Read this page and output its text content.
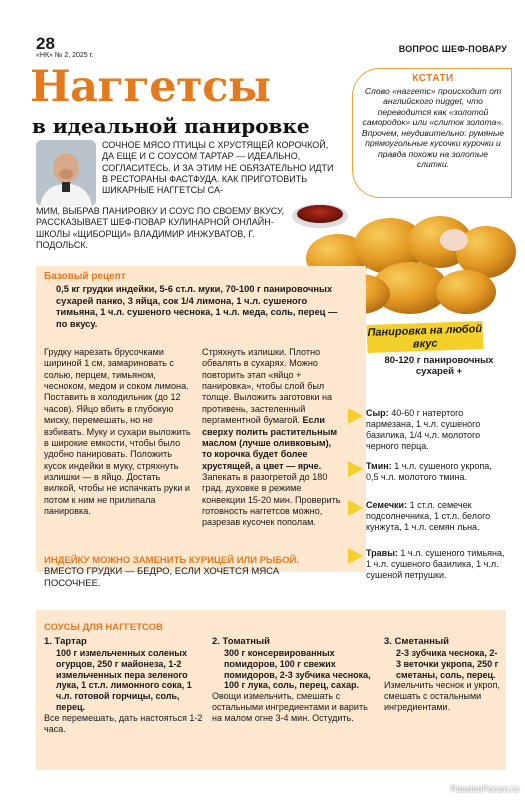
28
«НК» № 2, 2025 г.
ВОПРОС ШЕФ-ПОВАРУ
Наггетсы
в идеальной панировке
КСТАТИ
Слово «наггетс» происходит от английского nugget, что переводится как «золотой самородок» или «слиток золота». Впрочем, неудивительно: румяные прямоугольные кусочки курочки и правда похожи на золотые слитки.
СОЧНОЕ МЯСО ПТИЦЫ С ХРУСТЯЩЕЙ КОРОЧКОЙ, ДА ЕЩЕ И С СОУСОМ ТАРТАР — ИДЕАЛЬНО, СОГЛАСИТЕСЬ. И ЗА ЭТИМ НЕ ОБЯЗАТЕЛЬНО ИДТИ В РЕСТОРАНЫ ФАСТФУДА. КАК ПРИГОТОВИТЬ ШИКАРНЫЕ НАГГЕТСЫ СА-
МИМ, ВЫБРАВ ПАНИРОВКУ И СОУС ПО СВОЕМУ ВКУСУ, РАССКАЗЫВАЕТ ШЕФ-ПОВАР КУЛИНАРНОЙ ОНЛАЙН-ШКОЛЫ «ЩИБОРЩИ» ВЛАДИМИР ИНЖУВАТОВ, Г. ПОДОЛЬСК.
Базовый рецепт
0,5 кг грудки индейки, 5-6 ст.л. муки, 70-100 г панировочных сухарей панко, 3 яйца, сок 1/4 лимона, 1 ч.л. сушеного тимьяна, 1 ч.л. сушеного чеснока, 1 ч.л. меда, соль, перец — по вкусу.
Грудку нарезать брусочками шириной 1 см, замариновать с солью, перцем, тимьяном, чесноком, медом и соком лимона. Поставить в холодильник (до 12 часов). Яйцо вбить в глубокую миску, перемешать, но не взбивать. Муку и сухари выложить в широкие емкости, чтобы было удобно панировать. Положить кусок индейки в муку, стряхнуть излишки — в яйцо. Достать вилкой, чтобы не испачкать руки и потом к ним не прилипала панировка.
Стряхнуть излишки. Плотно обвалять в сухарях. Можно повторить этап «яйцо + панировка», чтобы слой был толще. Выложить заготовки на противень, застеленный пергаментной бумагой. Если сверху полить растительным маслом (лучше оливковым), то корочка будет более хрустящей, а цвет — ярче. Запекать в разогретой до 180 град. духовке в режиме конвекции 15-20 мин. Проверить готовность наггетсов можно, разрезав кусочек пополам.
ИНДЕЙКУ МОЖНО ЗАМЕНИТЬ КУРИЦЕЙ ИЛИ РЫБОЙ. ВМЕСТО ГРУДКИ — БЕДРО, ЕСЛИ ХОЧЕТСЯ МЯСА ПОСОЧНЕЕ.
Панировка на любой вкус
80-120 г панировочных сухарей +
Сыр: 40-60 г натертого пармезана, 1 ч.л. сушеного базилика, 1/4 ч.л. молотого черного перца.
Тмин: 1 ч.л. сушеного укропа, 0,5 ч.л. молотого тмина.
Семечки: 1 ст.л. семечек подсолнечника, 1 ст.л. белого кунжута, 1 ч.л. семян льна.
Травы: 1 ч.л. сушеного тимьяна, 1 ч.л. сушеного базилика, 1 ч.л. сушеной петрушки.
СОУСЫ ДЛЯ НАГГЕТСОВ
1. Тартар
100 г измельченных соленых огурцов, 250 г майонеза, 1-2 измельченных пера зеленого лука, 1 ст.л. лимонного сока, 1 ч.л. готовой горчицы, соль, перец.
Все перемешать, дать настояться 1-2 часа.
2. Томатный
300 г консервированных помидоров, 100 г свежих помидоров, 2-3 зубчика чеснока, 100 г лука, соль, перец, сахар.
Овощи измельчить, смешать с остальными ингредиентами и варить на малом огне 3-4 мин. Остудить.
3. Сметанный
2-3 зубчика чеснока, 2-3 веточки укропа, 250 г сметаны, соль, перец.
Измельчить чеснок и укроп, смешать с остальными ингредиентами.
PassionForum.ru
